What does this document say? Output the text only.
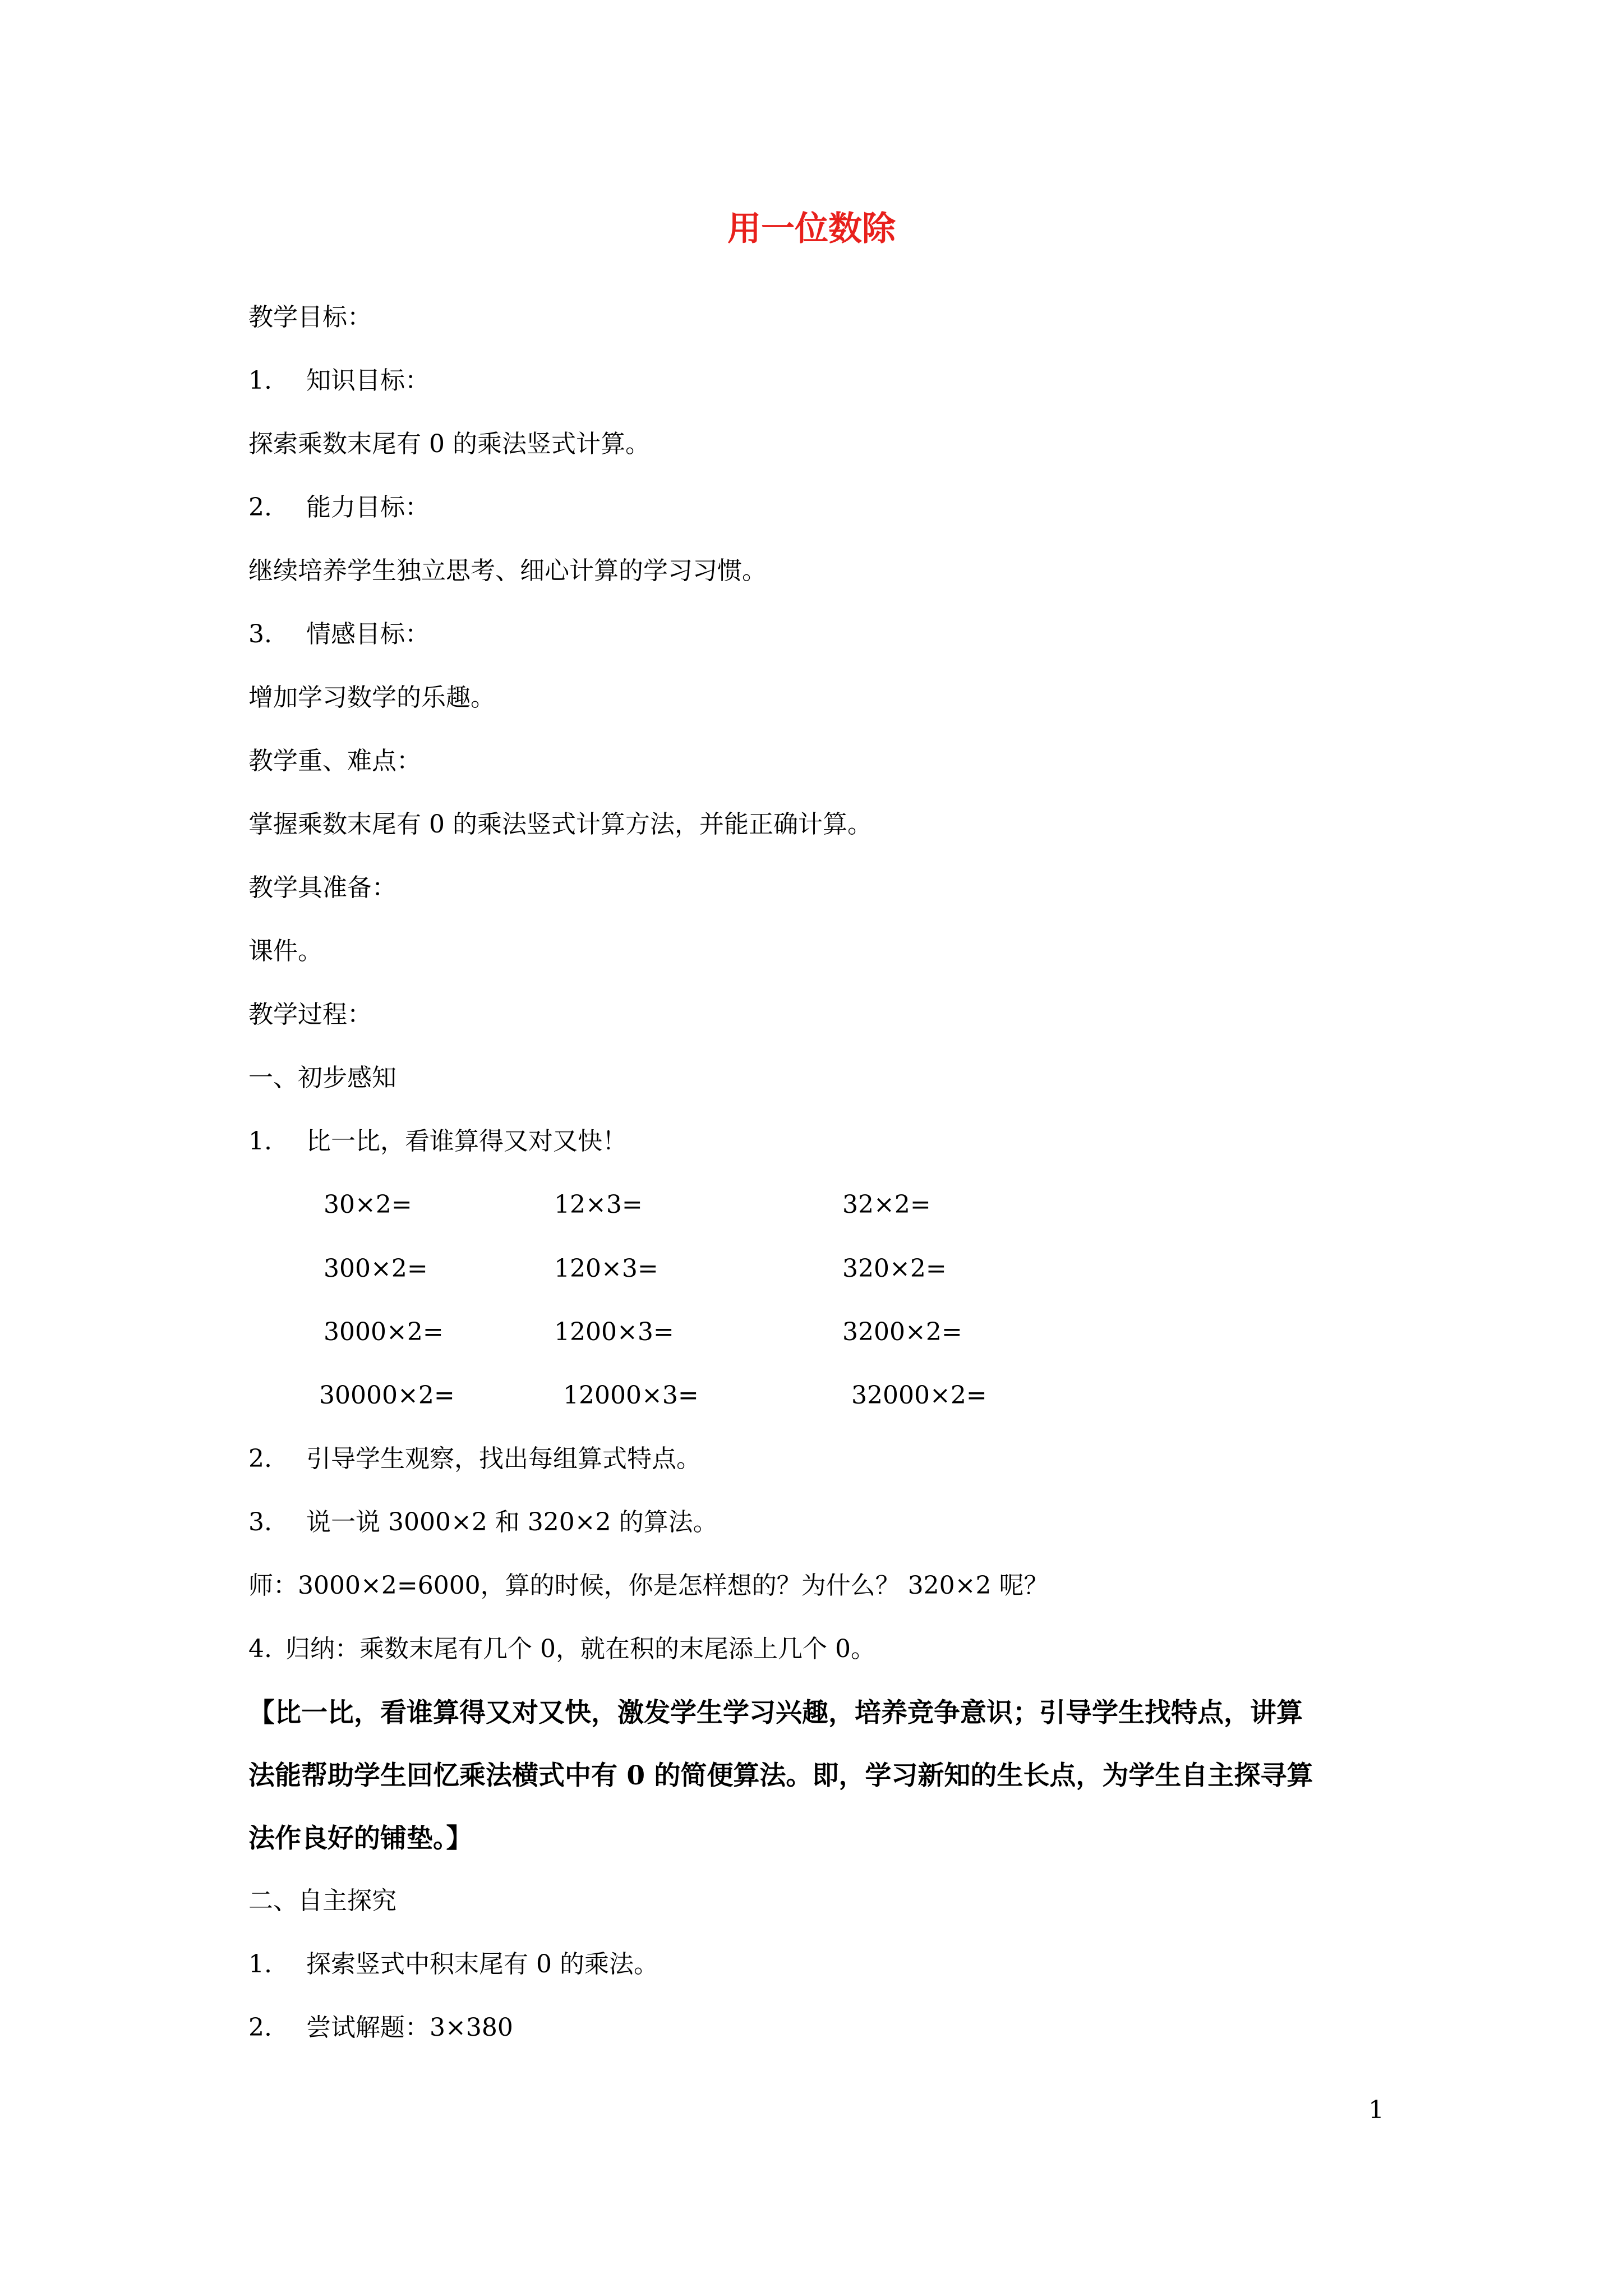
用一位数除
教学目标：
1. 知识目标：
探索乘数末尾有 0 的乘法竖式计算。
2. 能力目标：
继续培养学生独立思考、细心计算的学习习惯。
3. 情感目标：
增加学习数学的乐趣。
教学重、难点：
掌握乘数末尾有 0 的乘法竖式计算方法，并能正确计算。
教学具准备：
课件。
教学过程：
一、初步感知
1. 比一比，看谁算得又对又快！
30×2=	12×3=	32×2=
300×2=	120×3=	320×2=
3000×2=	1200×3=	3200×2=
30000×2=	12000×3=	32000×2=
2. 引导学生观察，找出每组算式特点。
3. 说一说 3000×2 和 320×2 的算法。
师：3000×2=6000，算的时候，你是怎样想的？为什么？ 320×2 呢？
4. 归纳：乘数末尾有几个 0，就在积的末尾添上几个 0。
【比一比，看谁算得又对又快，激发学生学习兴趣，培养竞争意识；引导学生找特点，讲算
法能帮助学生回忆乘法横式中有 0 的简便算法。即，学习新知的生长点，为学生自主探寻算
法作良好的铺垫。】
二、自主探究
1. 探索竖式中积末尾有 0 的乘法。
2. 尝试解题：3×380
1
